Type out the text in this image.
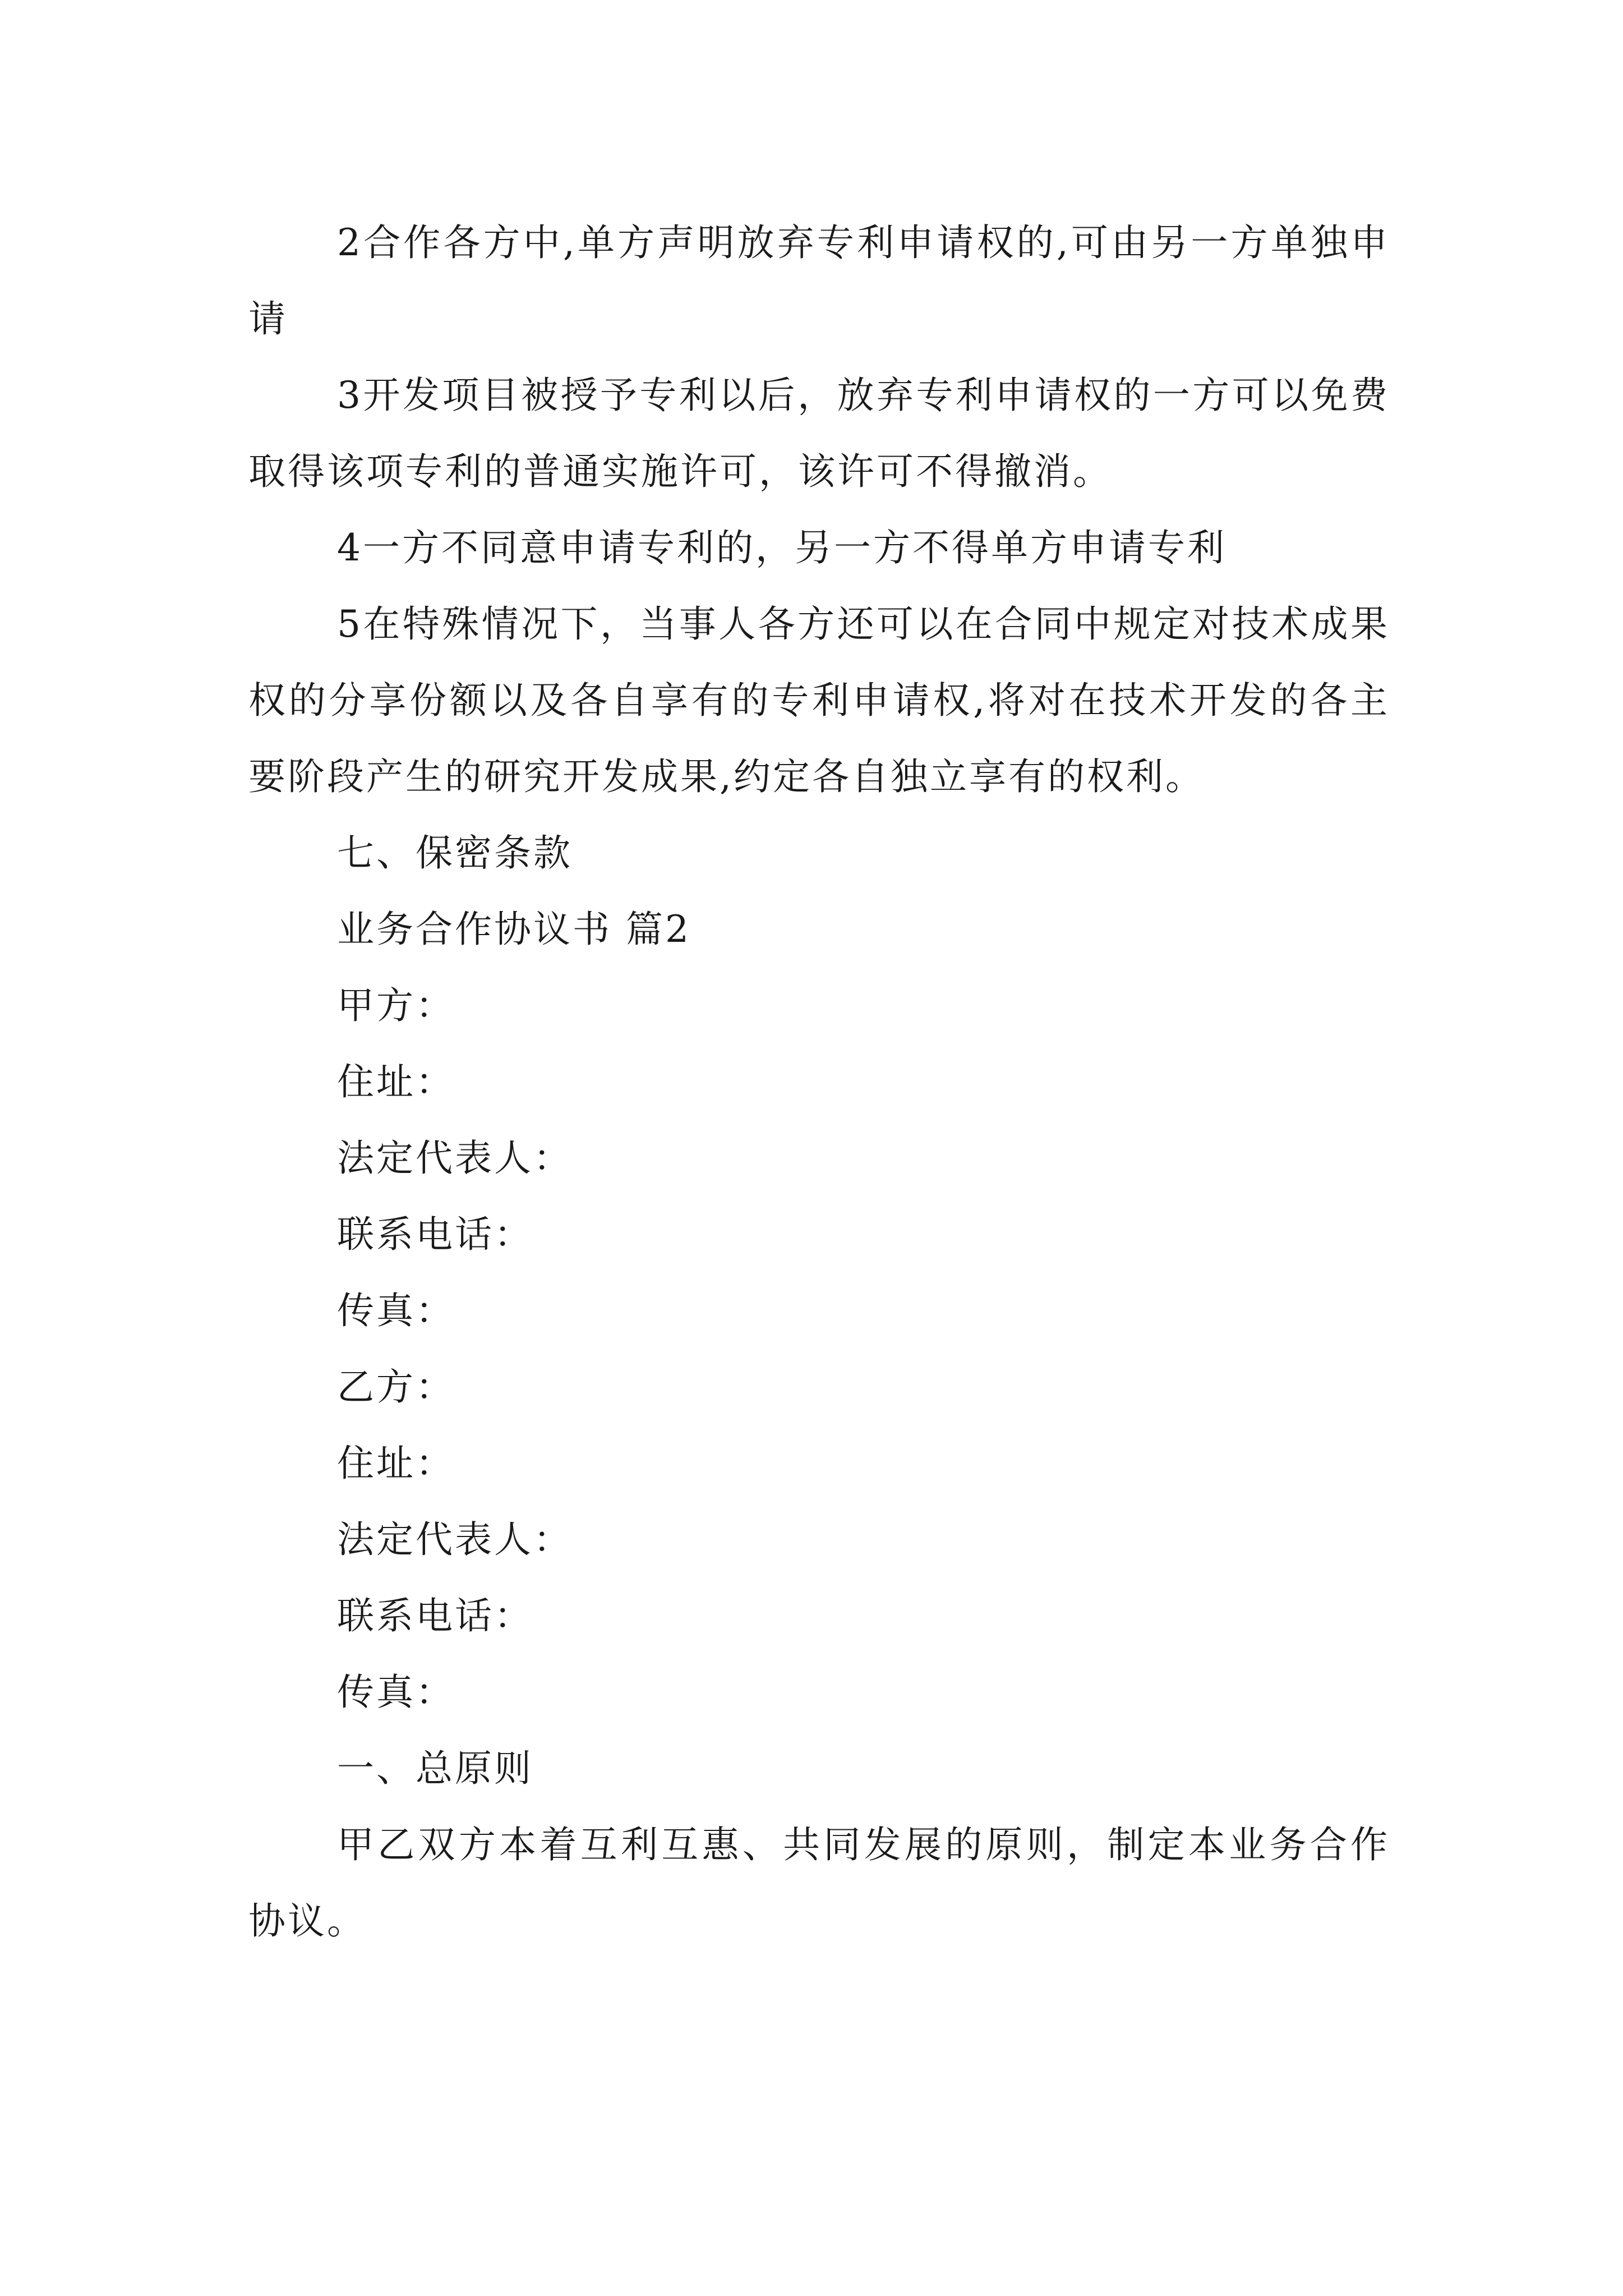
2合作各方中,单方声明放弃专利申请权的,可由另一方单独申请

3开发项目被授予专利以后，放弃专利申请权的一方可以免费取得该项专利的普通实施许可，该许可不得撤消。

4一方不同意申请专利的，另一方不得单方申请专利

5在特殊情况下，当事人各方还可以在合同中规定对技术成果权的分享份额以及各自享有的专利申请权,将对在技术开发的各主要阶段产生的研究开发成果,约定各自独立享有的权利。

七、保密条款

业务合作协议书 篇2

甲方：

住址：

法定代表人：

联系电话：

传真：

乙方：

住址：

法定代表人：

联系电话：

传真：

一、总原则

甲乙双方本着互利互惠、共同发展的原则，制定本业务合作协议。
